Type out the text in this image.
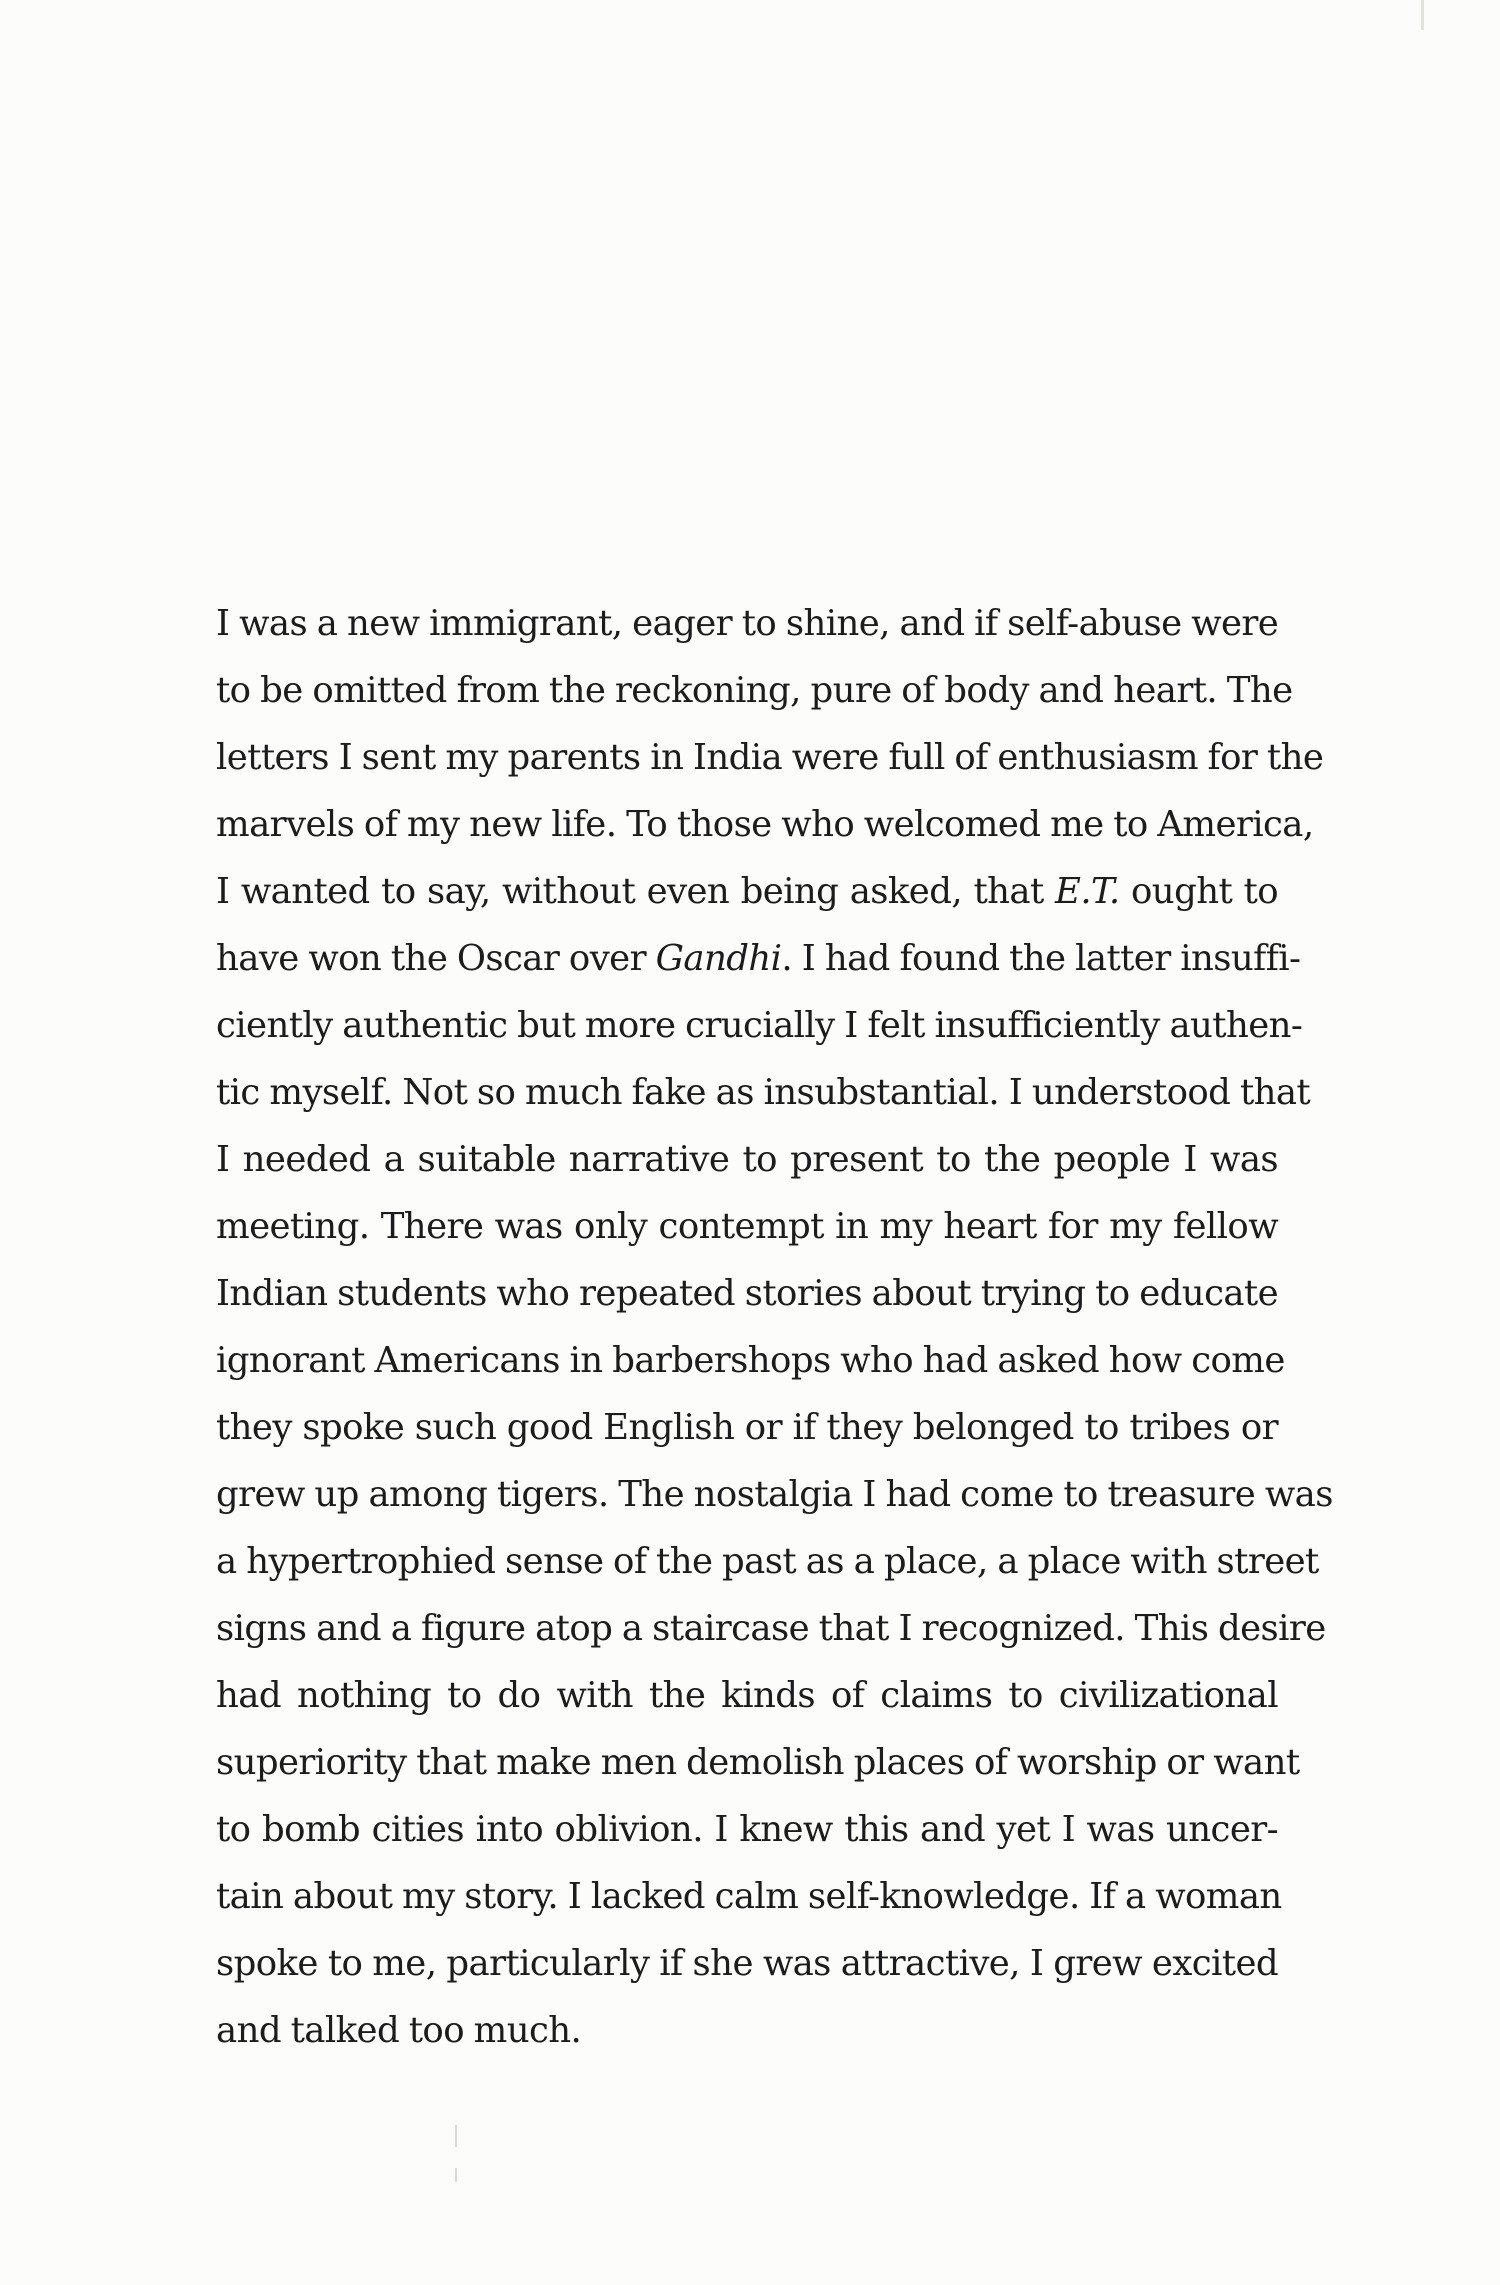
I was a new immigrant, eager to shine, and if self-abuse were
to be omitted from the reckoning, pure of body and heart. The
letters I sent my parents in India were full of enthusiasm for the
marvels of my new life. To those who welcomed me to America,
I wanted to say, without even being asked, that E.T. ought to
have won the Oscar over Gandhi. I had found the latter insuffi-
ciently authentic but more crucially I felt insufficiently authen-
tic myself. Not so much fake as insubstantial. I understood that
I needed a suitable narrative to present to the people I was
meeting. There was only contempt in my heart for my fellow
Indian students who repeated stories about trying to educate
ignorant Americans in barbershops who had asked how come
they spoke such good English or if they belonged to tribes or
grew up among tigers. The nostalgia I had come to treasure was
a hypertrophied sense of the past as a place, a place with street
signs and a figure atop a staircase that I recognized. This desire
had nothing to do with the kinds of claims to civilizational
superiority that make men demolish places of worship or want
to bomb cities into oblivion. I knew this and yet I was uncer-
tain about my story. I lacked calm self-knowledge. If a woman
spoke to me, particularly if she was attractive, I grew excited
and talked too much.
